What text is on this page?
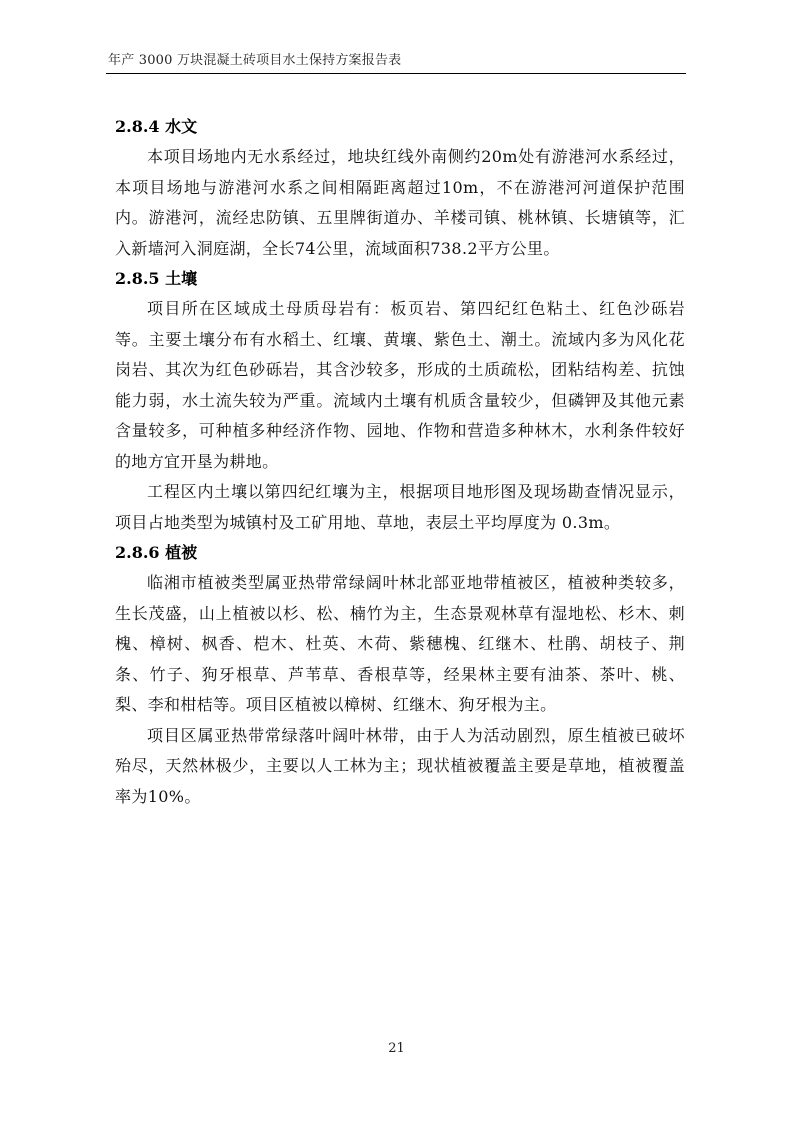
年产 3000 万块混凝土砖项目水土保持方案报告表
2.8.4 水文

本项目场地内无水系经过，地块红线外南侧约20m处有游港河水系经过，本项目场地与游港河水系之间相隔距离超过10m，不在游港河河道保护范围内。游港河，流经忠防镇、五里牌街道办、羊楼司镇、桃林镇、长塘镇等，汇入新墙河入洞庭湖，全长74公里，流域面积738.2平方公里。

2.8.5 土壤

项目所在区域成土母质母岩有：板页岩、第四纪红色粘土、红色沙砾岩等。主要土壤分布有水稻土、红壤、黄壤、紫色土、潮土。流域内多为风化花岗岩、其次为红色砂砾岩，其含沙较多，形成的土质疏松，团粘结构差、抗蚀能力弱，水土流失较为严重。流域内土壤有机质含量较少，但磷钾及其他元素含量较多，可种植多种经济作物、园地、作物和营造多种林木，水利条件较好的地方宜开垦为耕地。

工程区内土壤以第四纪红壤为主，根据项目地形图及现场勘查情况显示，项目占地类型为城镇村及工矿用地、草地，表层土平均厚度为 0.3m。

2.8.6 植被

临湘市植被类型属亚热带常绿阔叶林北部亚地带植被区，植被种类较多，生长茂盛，山上植被以杉、松、楠竹为主，生态景观林草有湿地松、杉木、刺槐、樟树、枫香、桤木、杜英、木荷、紫穗槐、红继木、杜鹃、胡枝子、荆条、竹子、狗牙根草、芦苇草、香根草等，经果林主要有油茶、茶叶、桃、梨、李和柑桔等。项目区植被以樟树、红继木、狗牙根为主。

项目区属亚热带常绿落叶阔叶林带，由于人为活动剧烈，原生植被已破坏殆尽，天然林极少，主要以人工林为主；现状植被覆盖主要是草地，植被覆盖率为10%。

21
